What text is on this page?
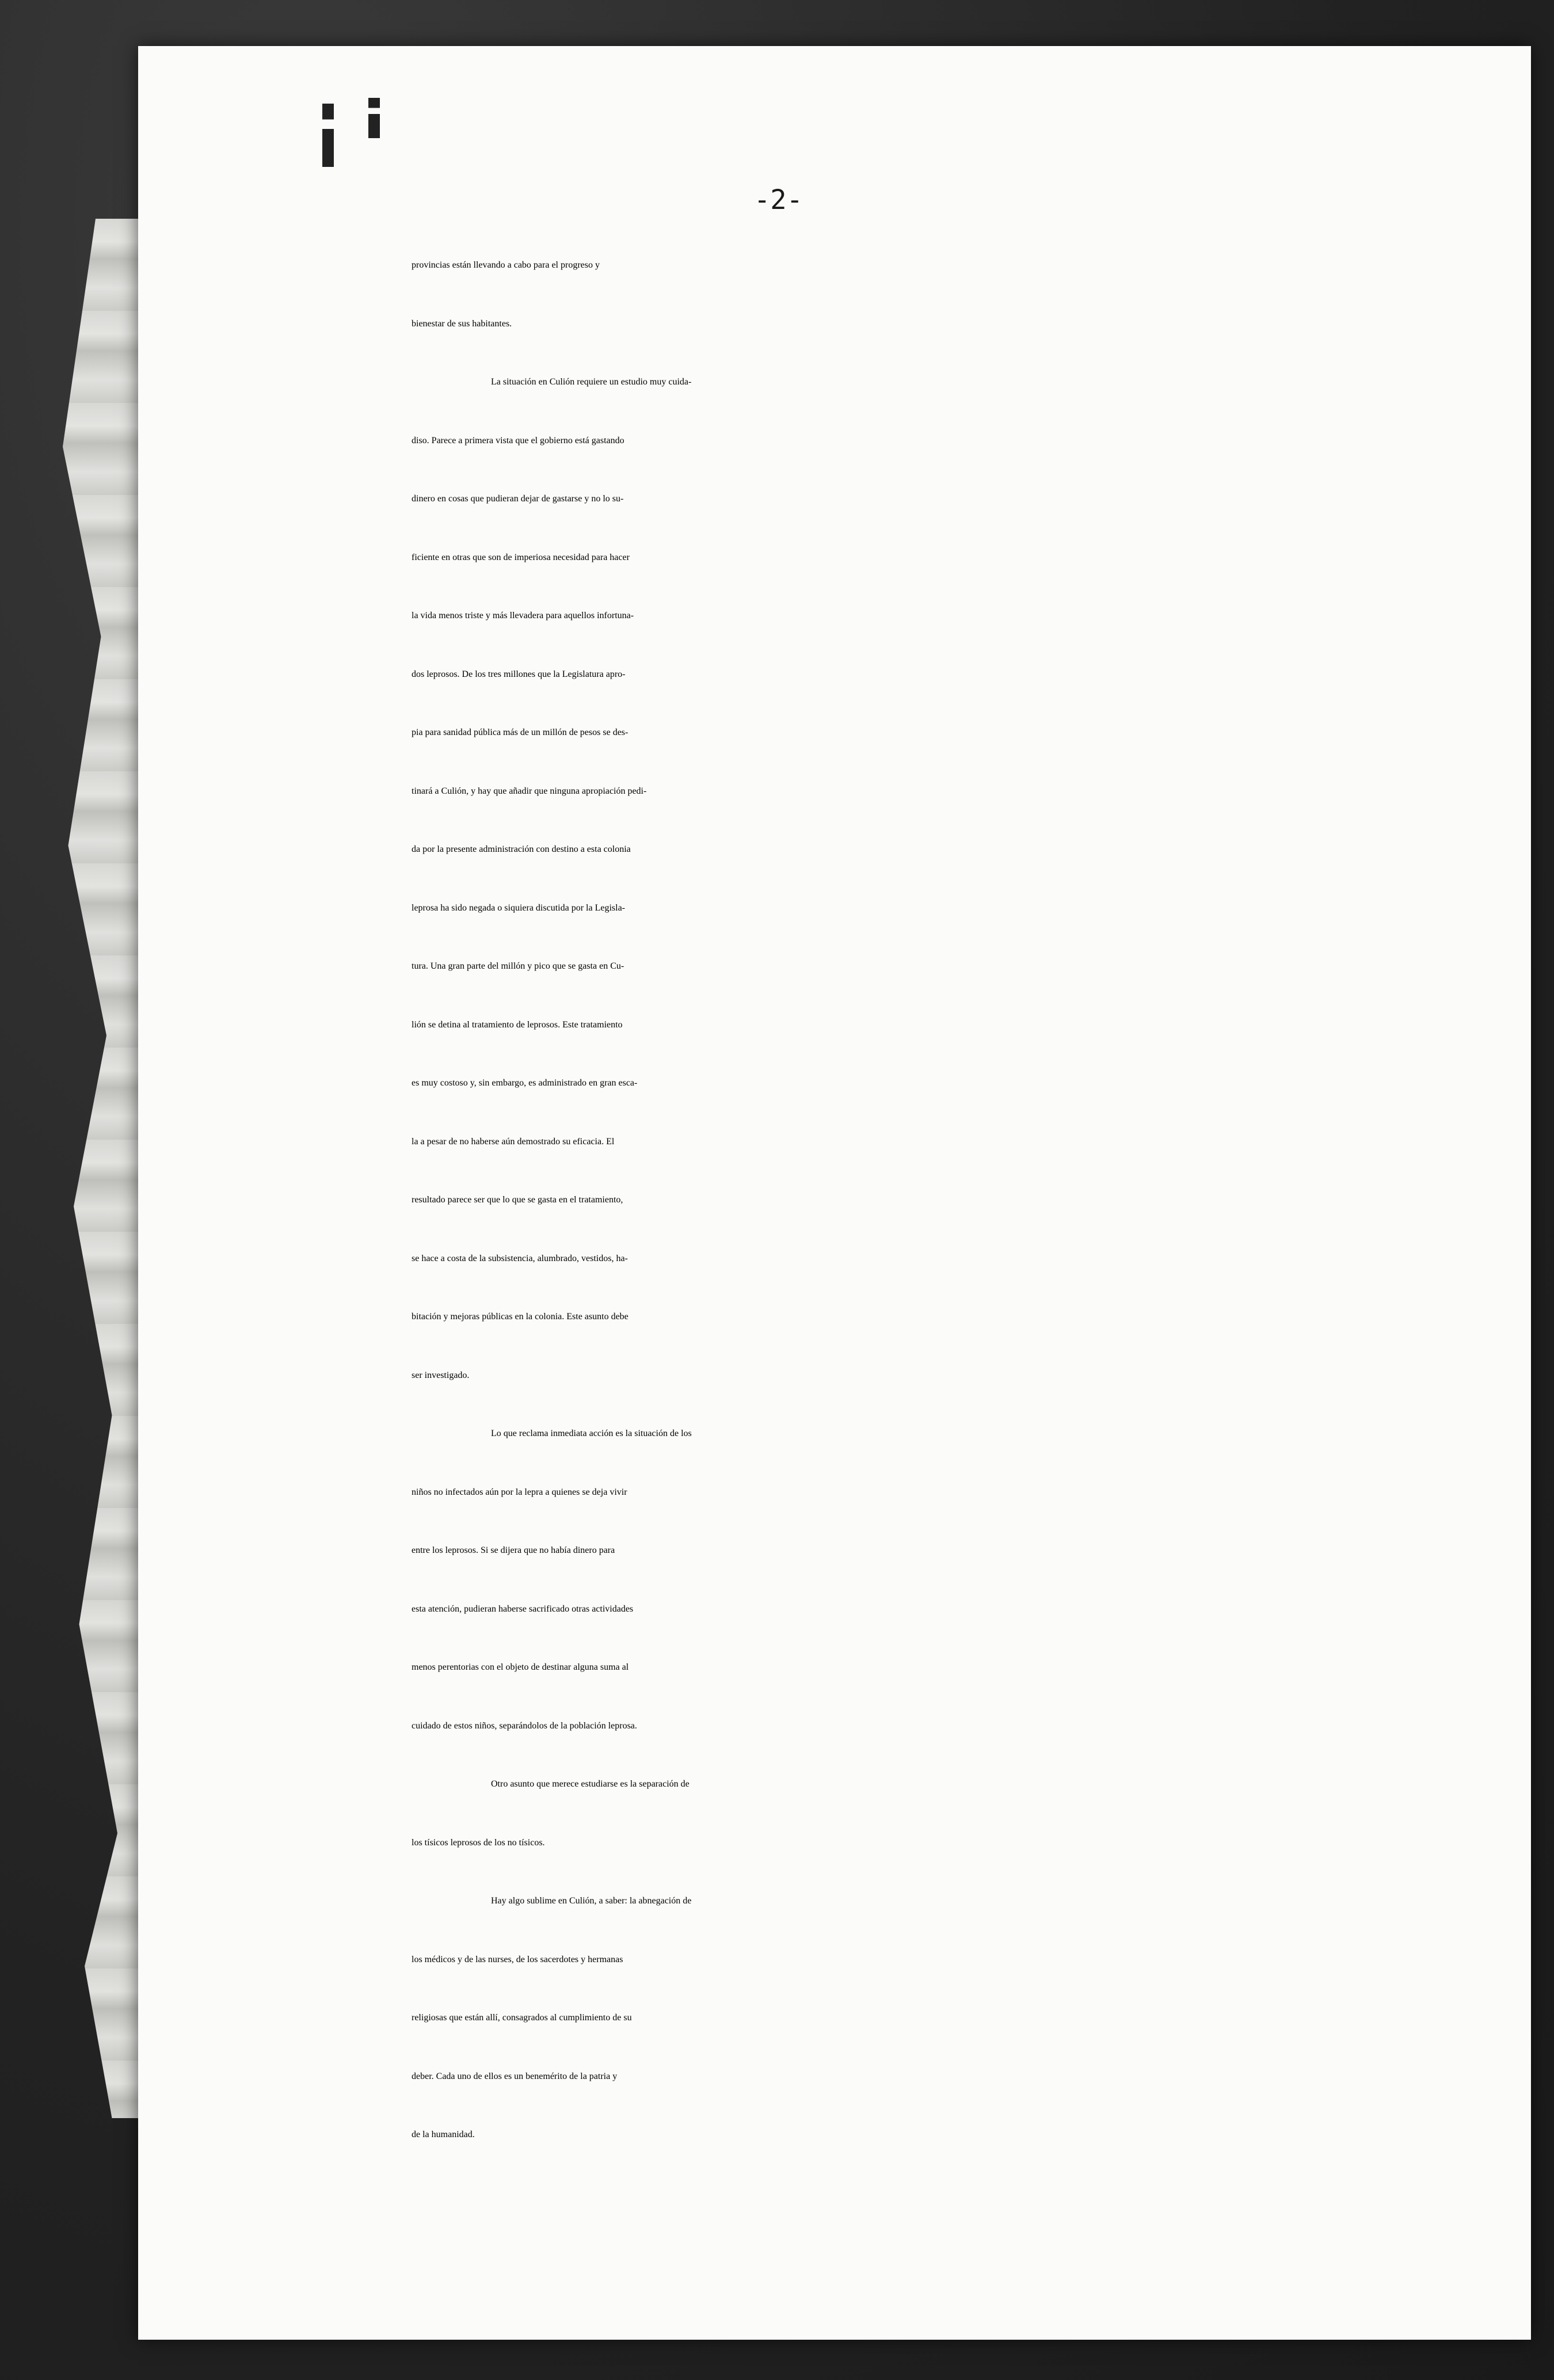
-2-
provincias están llevando a cabo para el progreso y
bienestar de sus habitantes.
La situación en Culión requiere un estudio muy cuida-
diso. Parece a primera vista que el gobierno está gastando
dinero en cosas que pudieran dejar de gastarse y no lo su-
ficiente en otras que son de imperiosa necesidad para hacer
la vida menos triste y más llevadera para aquellos infortuna-
dos leprosos. De los tres millones que la Legislatura apro-
pia para sanidad pública más de un millón de pesos se des-
tinará a Culión, y hay que añadir que ninguna apropiación pedi-
da por la presente administración con destino a esta colonia
leprosa ha sido negada o siquiera discutida por la Legisla-
tura. Una gran parte del millón y pico que se gasta en Cu-
lión se detina al tratamiento de leprosos. Este tratamiento
es muy costoso y, sin embargo, es administrado en gran esca-
la a pesar de no haberse aún demostrado su eficacia. El
resultado parece ser que lo que se gasta en el tratamiento,
se hace a costa de la subsistencia, alumbrado, vestidos, ha-
bitación y mejoras públicas en la colonia. Este asunto debe
ser investigado.
Lo que reclama inmediata acción es la situación de los
niños no infectados aún por la lepra a quienes se deja vivir
entre los leprosos. Si se dijera que no había dinero para
esta atención, pudieran haberse sacrificado otras actividades
menos perentorias con el objeto de destinar alguna suma al
cuidado de estos niños, separándolos de la población leprosa.
Otro asunto que merece estudiarse es la separación de
los tísicos leprosos de los no tísicos.
Hay algo sublime en Culión, a saber: la abnegación de
los médicos y de las nurses, de los sacerdotes y hermanas
religiosas que están allí, consagrados al cumplimiento de su
deber. Cada uno de ellos es un benemérito de la patria y
de la humanidad.
